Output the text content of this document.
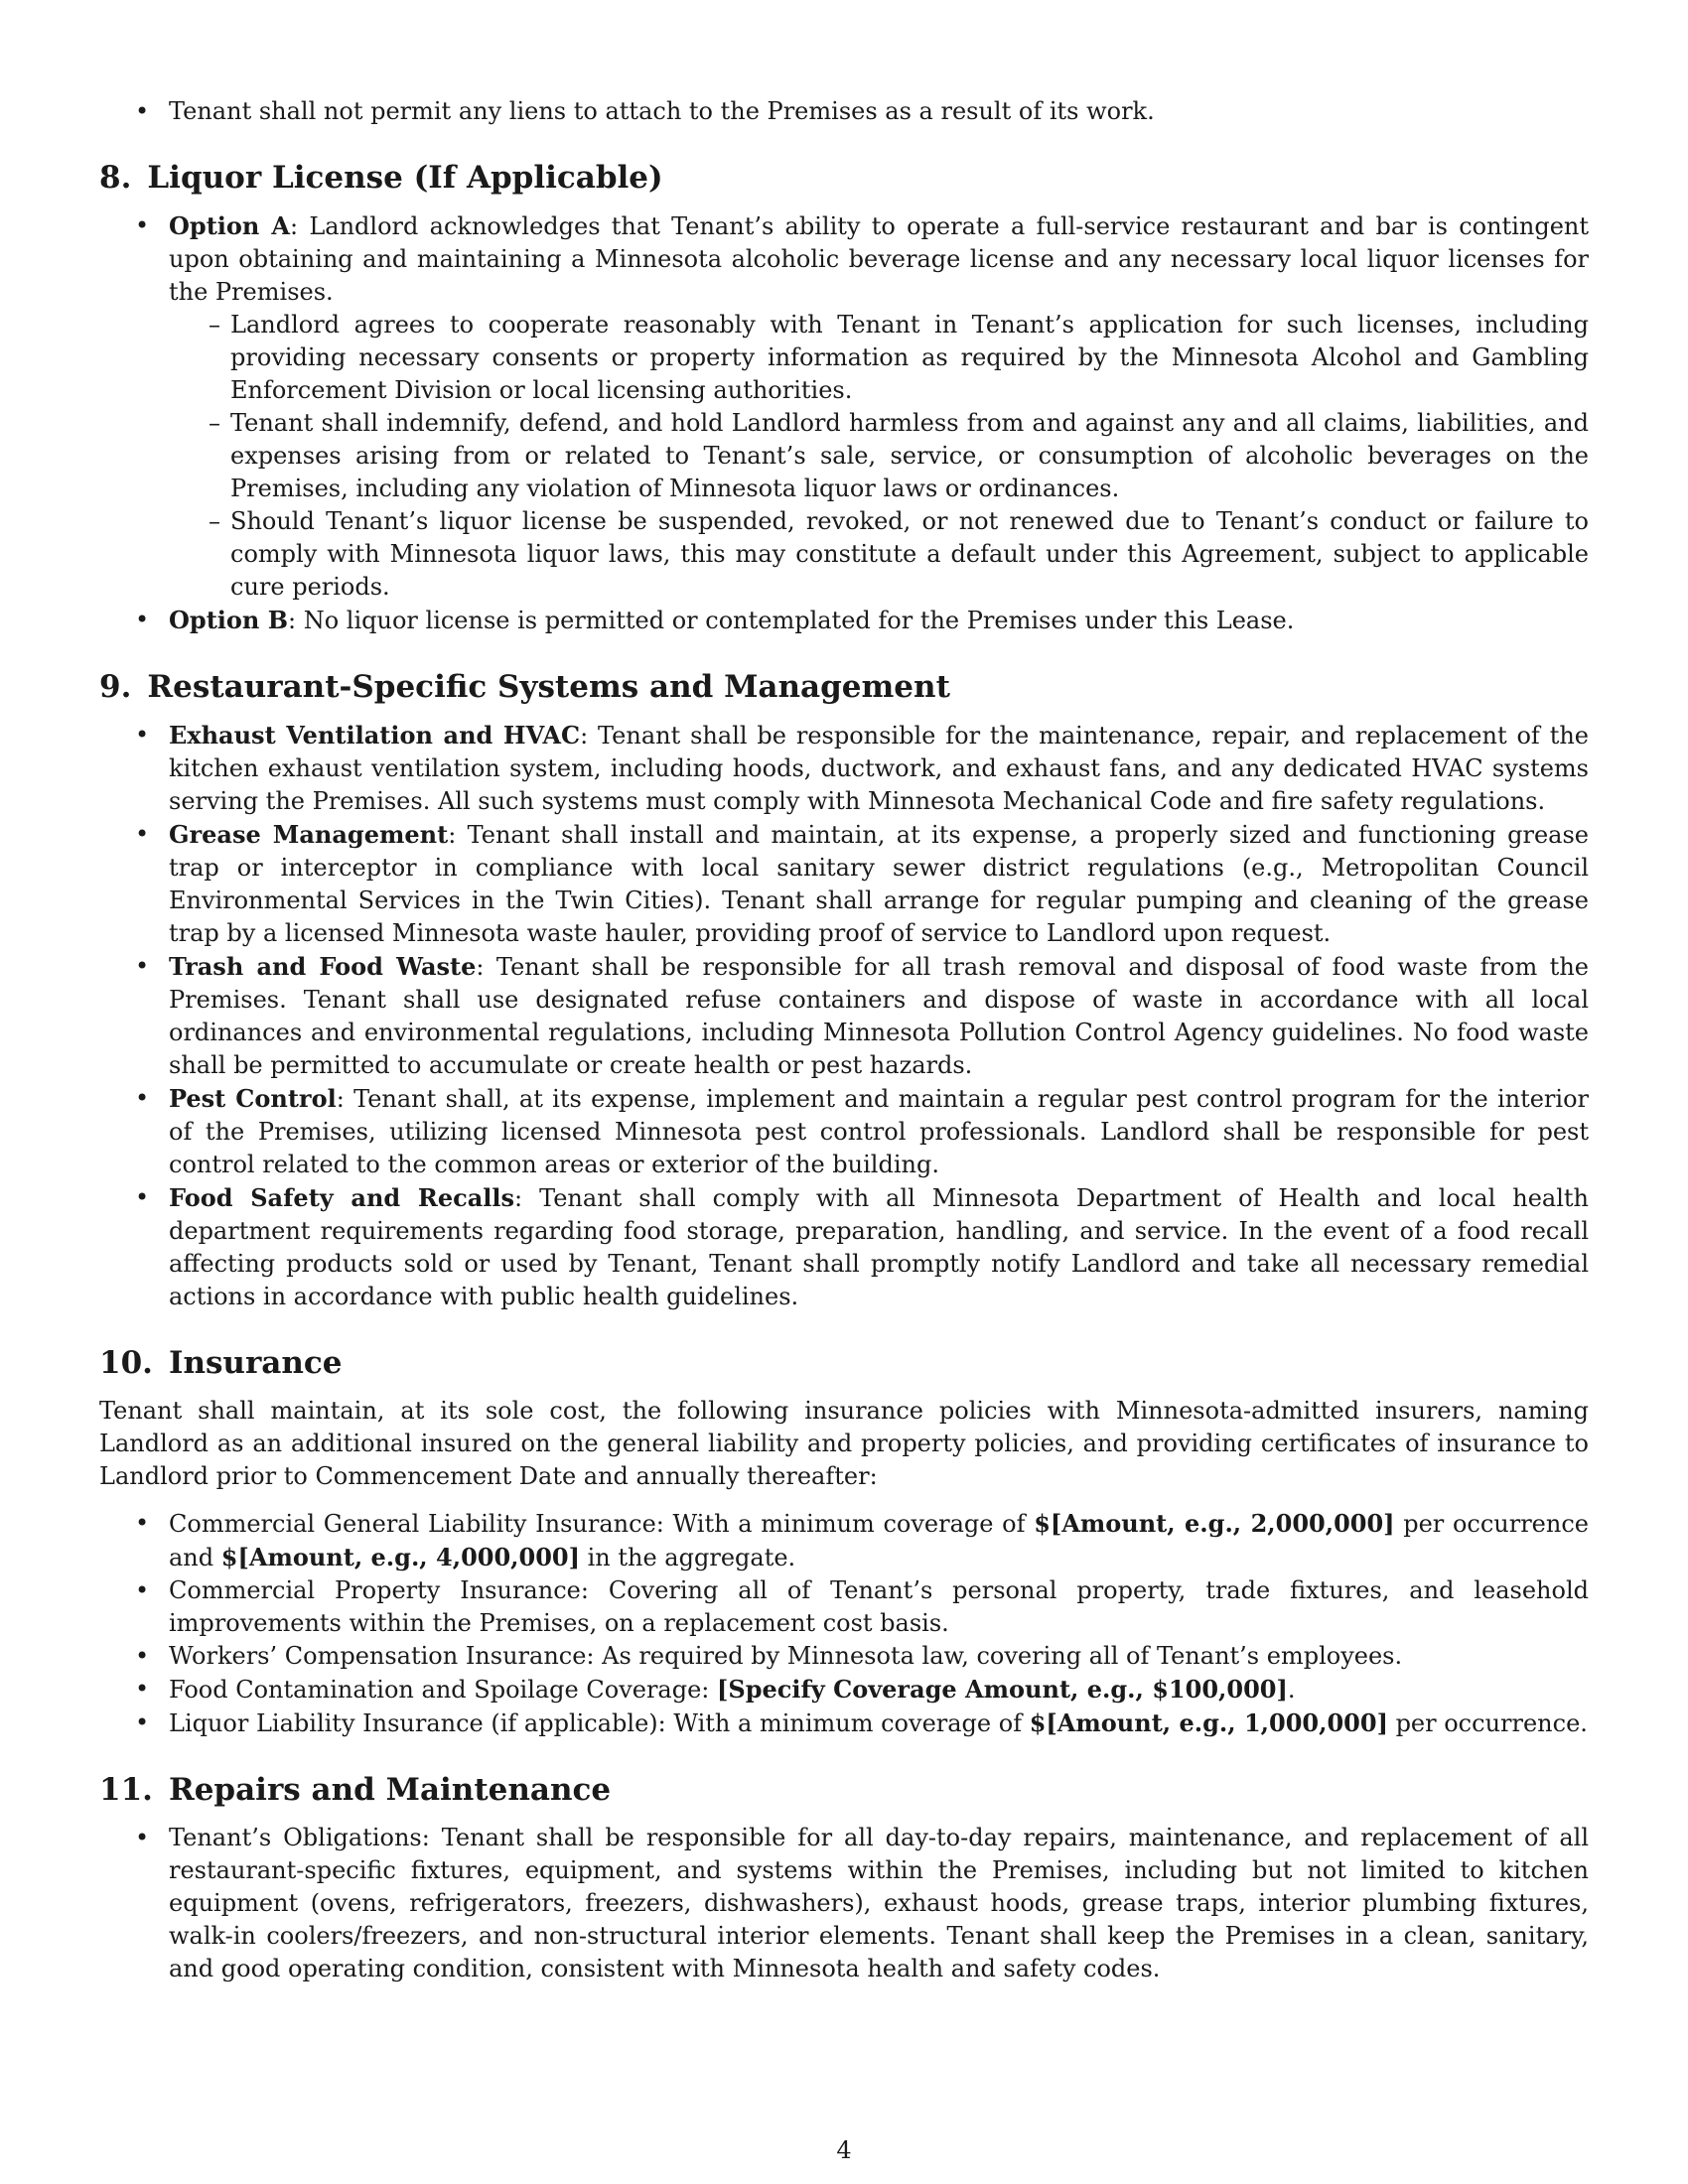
• Tenant shall not permit any liens to attach to the Premises as a result of its work.
8. Liquor License (If Applicable)
• Option A: Landlord acknowledges that Tenant’s ability to operate a full-service restaurant and bar is contingent upon obtaining and maintaining a Minnesota alcoholic beverage license and any necessary local liquor licenses for the Premises.
– Landlord agrees to cooperate reasonably with Tenant in Tenant’s application for such licenses, including providing necessary consents or property information as required by the Minnesota Alcohol and Gambling Enforcement Division or local licensing authorities.
– Tenant shall indemnify, defend, and hold Landlord harmless from and against any and all claims, liabilities, and expenses arising from or related to Tenant’s sale, service, or consumption of alcoholic beverages on the Premises, including any violation of Minnesota liquor laws or ordinances.
– Should Tenant’s liquor license be suspended, revoked, or not renewed due to Tenant’s conduct or failure to comply with Minnesota liquor laws, this may constitute a default under this Agreement, subject to applicable cure periods.
• Option B: No liquor license is permitted or contemplated for the Premises under this Lease.
9. Restaurant-Specific Systems and Management
• Exhaust Ventilation and HVAC: Tenant shall be responsible for the maintenance, repair, and replacement of the kitchen exhaust ventilation system, including hoods, ductwork, and exhaust fans, and any dedicated HVAC systems serving the Premises. All such systems must comply with Minnesota Mechanical Code and fire safety regulations.
• Grease Management: Tenant shall install and maintain, at its expense, a properly sized and functioning grease trap or interceptor in compliance with local sanitary sewer district regulations (e.g., Metropolitan Council Environmental Services in the Twin Cities). Tenant shall arrange for regular pumping and cleaning of the grease trap by a licensed Minnesota waste hauler, providing proof of service to Landlord upon request.
• Trash and Food Waste: Tenant shall be responsible for all trash removal and disposal of food waste from the Premises. Tenant shall use designated refuse containers and dispose of waste in accordance with all local ordinances and environmental regulations, including Minnesota Pollution Control Agency guidelines. No food waste shall be permitted to accumulate or create health or pest hazards.
• Pest Control: Tenant shall, at its expense, implement and maintain a regular pest control program for the interior of the Premises, utilizing licensed Minnesota pest control professionals. Landlord shall be responsible for pest control related to the common areas or exterior of the building.
• Food Safety and Recalls: Tenant shall comply with all Minnesota Department of Health and local health department requirements regarding food storage, preparation, handling, and service. In the event of a food recall affecting products sold or used by Tenant, Tenant shall promptly notify Landlord and take all necessary remedial actions in accordance with public health guidelines.
10. Insurance
Tenant shall maintain, at its sole cost, the following insurance policies with Minnesota-admitted insurers, naming Landlord as an additional insured on the general liability and property policies, and providing certificates of insurance to Landlord prior to Commencement Date and annually thereafter:
• Commercial General Liability Insurance: With a minimum coverage of $[Amount, e.g., 2,000,000] per occurrence and $[Amount, e.g., 4,000,000] in the aggregate.
• Commercial Property Insurance: Covering all of Tenant’s personal property, trade fixtures, and leasehold improvements within the Premises, on a replacement cost basis.
• Workers’ Compensation Insurance: As required by Minnesota law, covering all of Tenant’s employees.
• Food Contamination and Spoilage Coverage: [Specify Coverage Amount, e.g., $100,000].
• Liquor Liability Insurance (if applicable): With a minimum coverage of $[Amount, e.g., 1,000,000] per occurrence.
11. Repairs and Maintenance
• Tenant’s Obligations: Tenant shall be responsible for all day-to-day repairs, maintenance, and replacement of all restaurant-specific fixtures, equipment, and systems within the Premises, including but not limited to kitchen equipment (ovens, refrigerators, freezers, dishwashers), exhaust hoods, grease traps, interior plumbing fixtures, walk-in coolers/freezers, and non-structural interior elements. Tenant shall keep the Premises in a clean, sanitary, and good operating condition, consistent with Minnesota health and safety codes.
4
